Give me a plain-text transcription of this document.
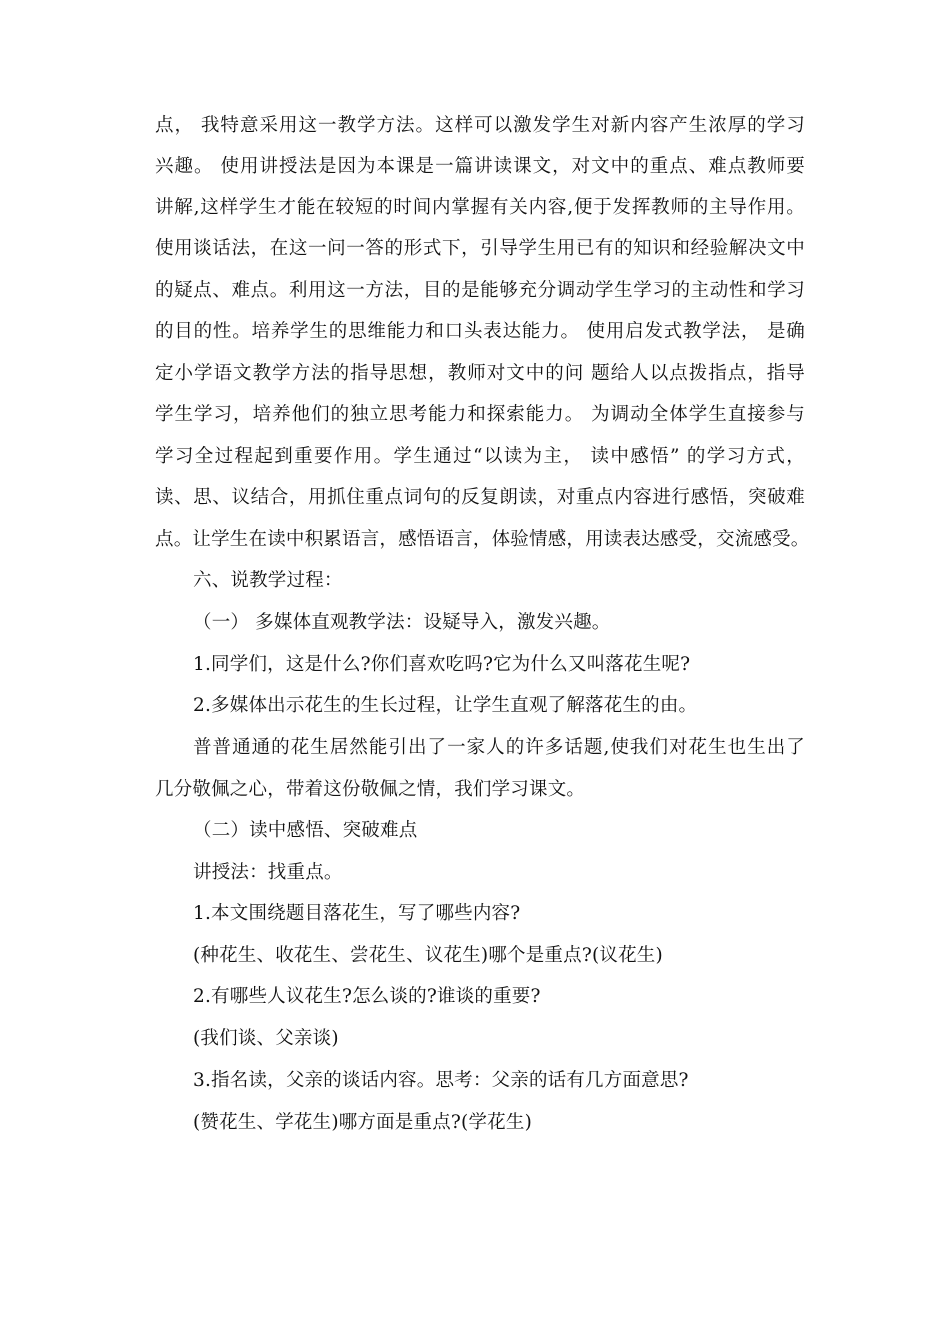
点， 我特意采用这一教学方法。这样可以激发学生对新内容产生浓厚的学习
兴趣。 使用讲授法是因为本课是一篇讲读课文，对文中的重点、难点教师要
讲解,这样学生才能在较短的时间内掌握有关内容,便于发挥教师的主导作用。
使用谈话法，在这一问一答的形式下，引导学生用已有的知识和经验解决文中
的疑点、难点。利用这一方法，目的是能够充分调动学生学习的主动性和学习
的目的性。培养学生的思维能力和口头表达能力。 使用启发式教学法， 是确
定小学语文教学方法的指导思想，教师对文中的问 题给人以点拨指点，指导
学生学习，培养他们的独立思考能力和探索能力。 为调动全体学生直接参与
学习全过程起到重要作用。学生通过“以读为主， 读中感悟” 的学习方式，
读、思、议结合，用抓住重点词句的反复朗读，对重点内容进行感悟，突破难
点。让学生在读中积累语言，感悟语言，体验情感，用读表达感受，交流感受。
六、说教学过程：
（一） 多媒体直观教学法：设疑导入，激发兴趣。
1.同学们，这是什么?你们喜欢吃吗?它为什么又叫落花生呢?
2.多媒体出示花生的生长过程，让学生直观了解落花生的由。
普普通通的花生居然能引出了一家人的许多话题,使我们对花生也生出了
几分敬佩之心，带着这份敬佩之情，我们学习课文。
（二）读中感悟、突破难点
讲授法：找重点。
1.本文围绕题目落花生，写了哪些内容?
(种花生、收花生、尝花生、议花生)哪个是重点?(议花生)
2.有哪些人议花生?怎么谈的?谁谈的重要?
(我们谈、父亲谈)
3.指名读，父亲的谈话内容。思考：父亲的话有几方面意思?
(赞花生、学花生)哪方面是重点?(学花生)
